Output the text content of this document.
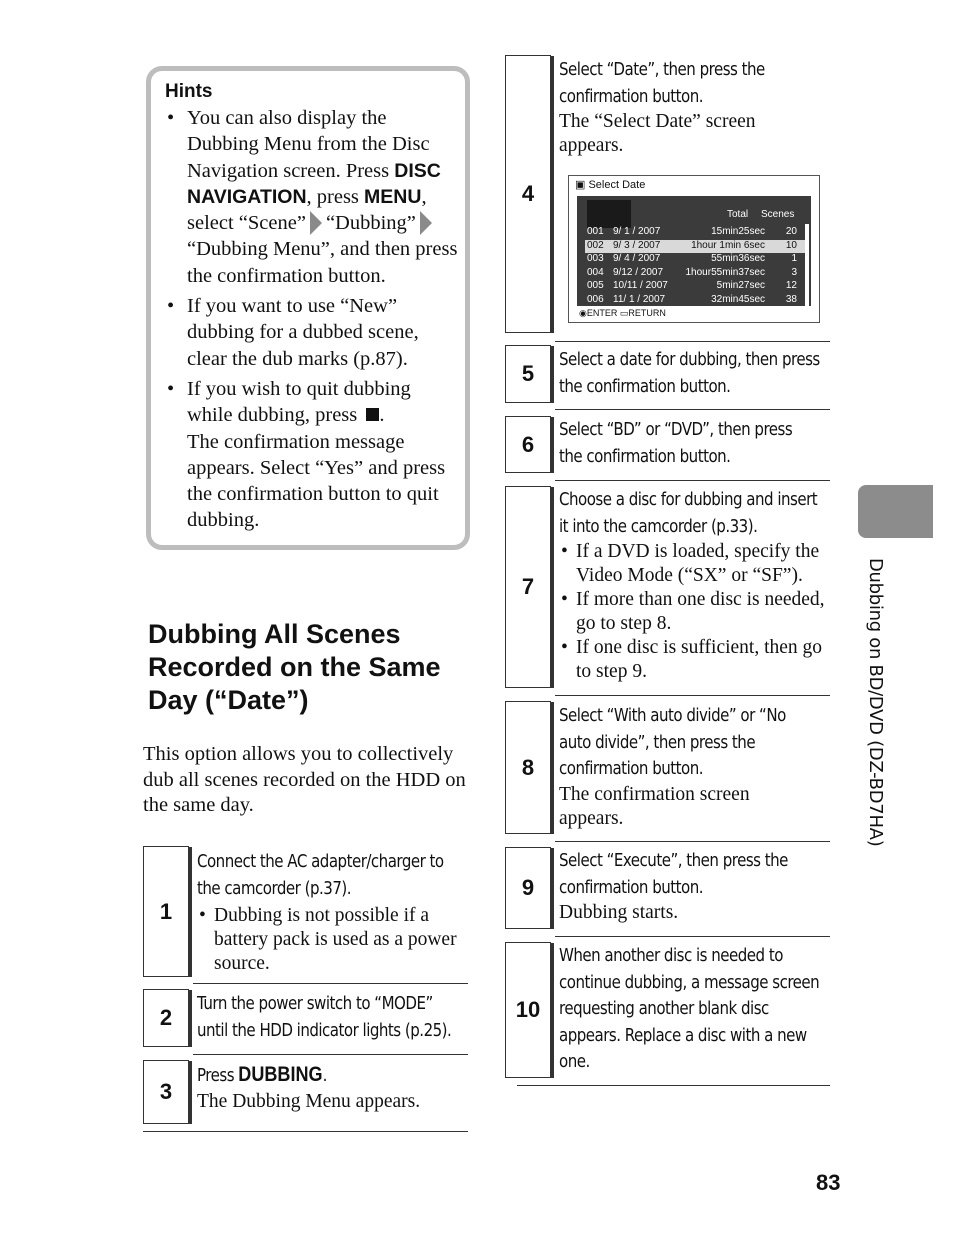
Hints
• You can also display the Dubbing Menu from the Disc Navigation screen. Press DISC NAVIGATION, press MENU, select “Scene” “Dubbing”“Dubbing Menu”, and then press the confirmation button.
• If you want to use “New” dubbing for a dubbed scene, clear the dub marks (p.87).
• If you wish to quit dubbing while dubbing, press .
The confirmation message appears. Select “Yes” and press the confirmation button to quit dubbing.
Dubbing All Scenes Recorded on the Same Day (“Date”)
This option allows you to collectively dub all scenes recorded on the HDD on the same day.
1
Connect the AC adapter/charger to
the camcorder (p.37).
• Dubbing is not possible if a battery pack is used as a power source.
2
Turn the power switch to “MODE”
until the HDD indicator lights (p.25).
3
Press DUBBING.
The Dubbing Menu appears.
4
Select “Date”, then press the
confirmation button.
The “Select Date” screen appears.
▣ Select Date
Total Scenes
001 9/ 1 / 2007	15min25sec 20
002 9/ 3 / 2007	1hour 1min 6sec 10
003 9/ 4 / 2007	55min36sec	1
004 9/12 / 2007 1hour55min37sec	3
005 10/11 / 2007	5min27sec 12
006 11/ 1 / 2007	32min45sec 38
◉ENTER ▭RETURN
5
Select a date for dubbing, then press
the confirmation button.
6
Select “BD” or “DVD”, then press
the confirmation button.
7
Choose a disc for dubbing and insert
it into the camcorder (p.33).
• If a DVD is loaded, specify the Video Mode (“SX” or “SF”).
• If more than one disc is needed, go to step 8.
• If one disc is sufficient, then go to step 9.
8
Select “With auto divide” or “No
auto divide”, then press the
confirmation button.
The confirmation screen appears.
9
Select “Execute”, then press the
confirmation button.
Dubbing starts.
10
When another disc is needed to
continue dubbing, a message screen
requesting another blank disc
appears. Replace a disc with a new
one.
Dubbing on BD/DVD (DZ-BD7HA)
83
